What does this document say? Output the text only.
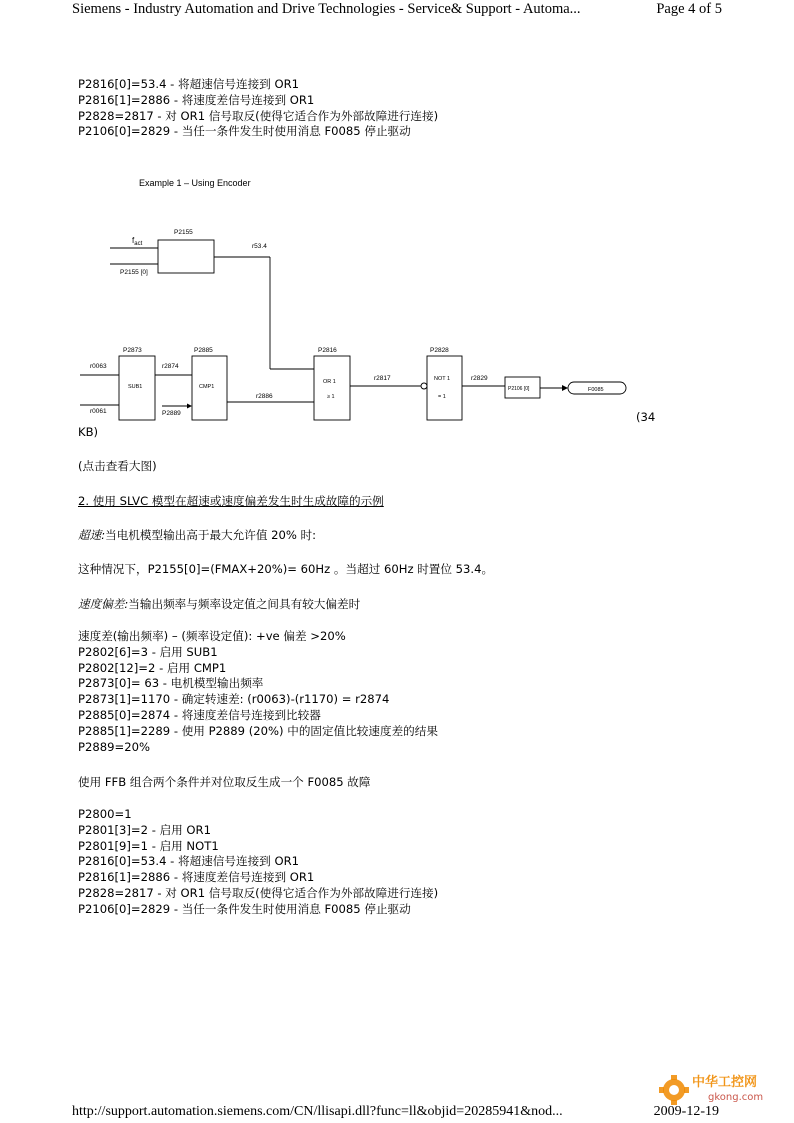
Siemens - Industry Automation and Drive Technologies - Service& Support - Automa...	Page 4 of 5
P2816[0]=53.4 - 将超速信号连接到 OR1
P2816[1]=2886 - 将速度差信号连接到 OR1
P2828=2817 - 对 OR1 信号取反(使得它适合作为外部故障进行连接)
P2106[0]=2829 - 当任一条件发生时使用消息 F0085 停止驱动
Example 1 – Using Encoder
$f_{act}$
P2155 [0]
P2155
r53.4
r0063
r0061
P2873
SUB1
r2874
P2885
CMP1
P2889
r2886
P2816
OR 1
≥ 1
r2817
P2828
NOT 1
= 1
r2829
P2106 [0]	F0085
(34
KB)
(点击查看大图)
2. 使用 SLVC 模型在超速或速度偏差发生时生成故障的示例
超速:当电机模型输出高于最大允许值 20% 时:
这种情况下，P2155[0]=(FMAX+20%)= 60Hz 。当超过 60Hz 时置位 53.4。
速度偏差:当输出频率与频率设定值之间具有较大偏差时
速度差(输出频率) – (频率设定值): +ve 偏差 >20%
P2802[6]=3 - 启用 SUB1
P2802[12]=2 - 启用 CMP1
P2873[0]= 63 - 电机模型输出频率
P2873[1]=1170 - 确定转速差: (r0063)-(r1170) = r2874
P2885[0]=2874 - 将速度差信号连接到比较器
P2885[1]=2289 - 使用 P2889 (20%) 中的固定值比较速度差的结果
P2889=20%
使用 FFB 组合两个条件并对位取反生成一个 F0085 故障
P2800=1
P2801[3]=2 - 启用 OR1
P2801[9]=1 - 启用 NOT1
P2816[0]=53.4 - 将超速信号连接到 OR1
P2816[1]=2886 - 将速度差信号连接到 OR1
P2828=2817 - 对 OR1 信号取反(使得它适合作为外部故障进行连接)
P2106[0]=2829 - 当任一条件发生时使用消息 F0085 停止驱动
中华工控网
gkong.com
http://support.automation.siemens.com/CN/llisapi.dll?func=ll&objid=20285941&nod...	2009-12-19
